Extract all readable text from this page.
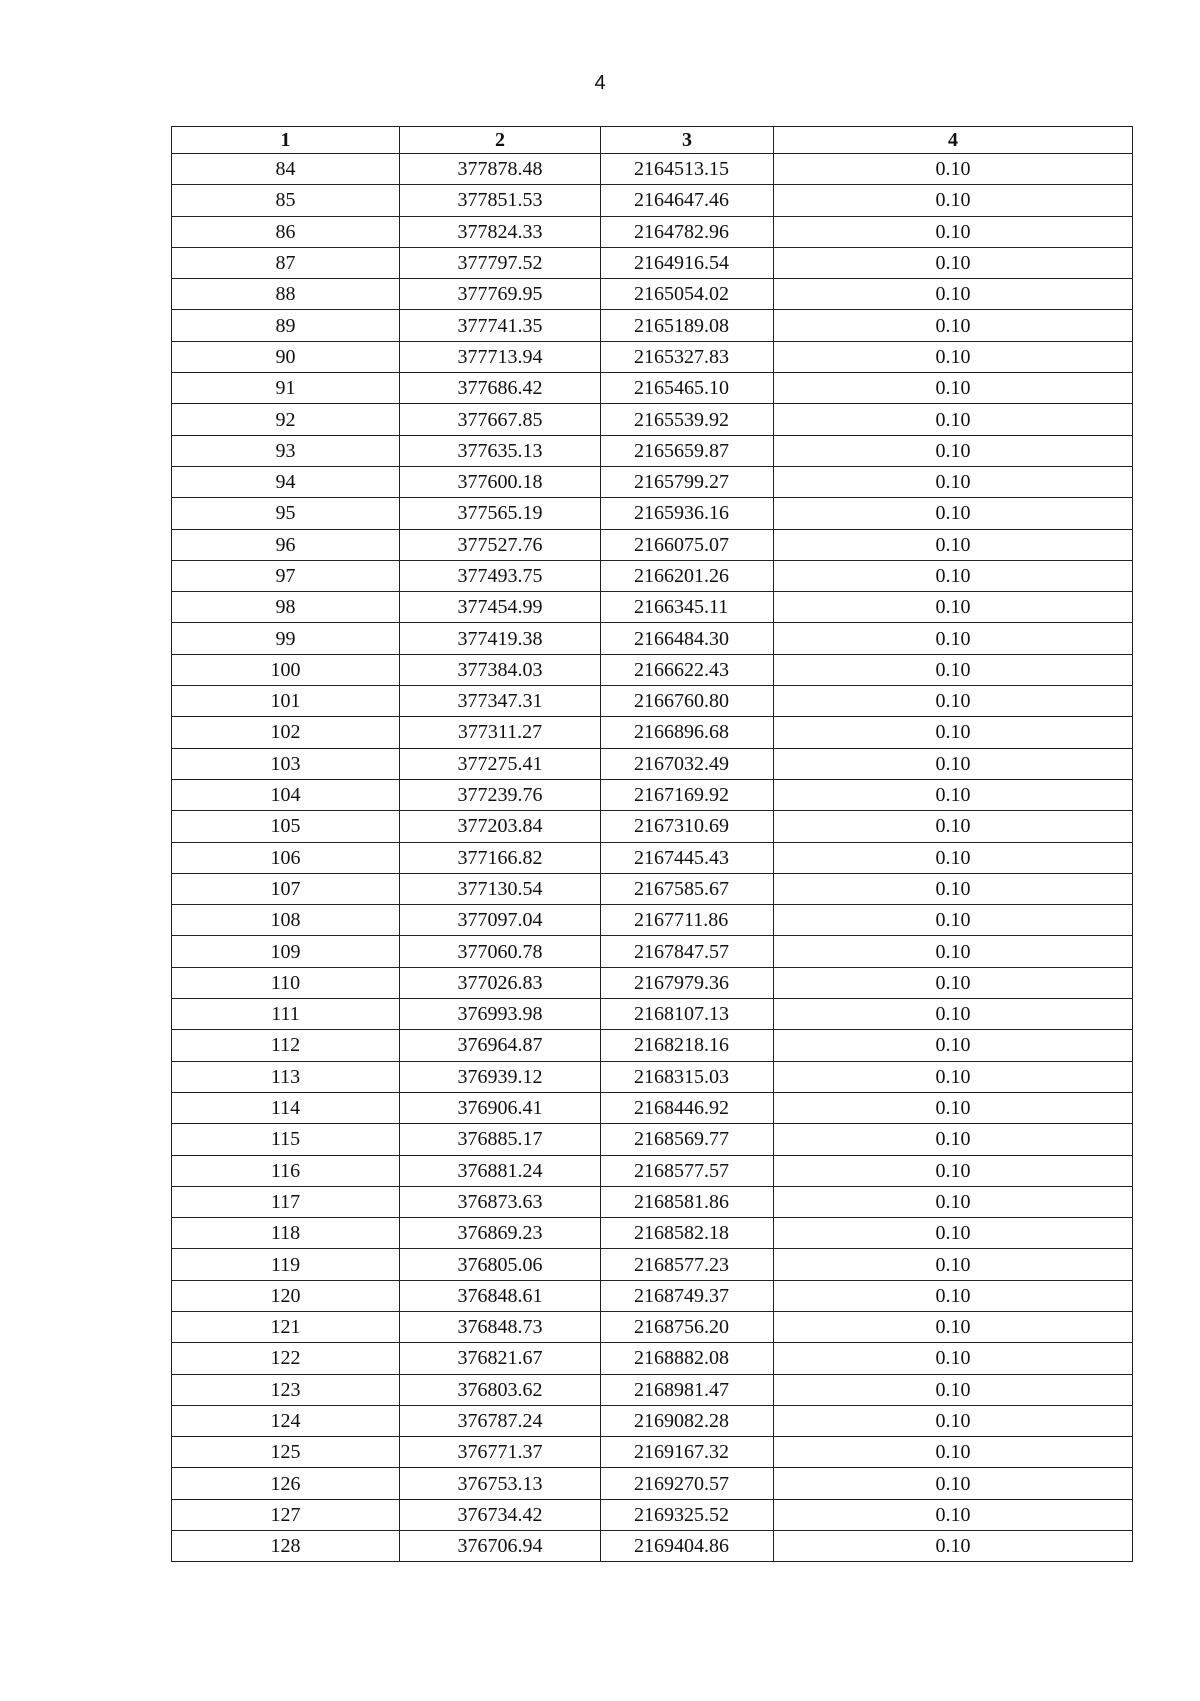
4
1	2	3	4
84	377878.48	2164513.15	0.10
85	377851.53	2164647.46	0.10
86	377824.33	2164782.96	0.10
87	377797.52	2164916.54	0.10
88	377769.95	2165054.02	0.10
89	377741.35	2165189.08	0.10
90	377713.94	2165327.83	0.10
91	377686.42	2165465.10	0.10
92	377667.85	2165539.92	0.10
93	377635.13	2165659.87	0.10
94	377600.18	2165799.27	0.10
95	377565.19	2165936.16	0.10
96	377527.76	2166075.07	0.10
97	377493.75	2166201.26	0.10
98	377454.99	2166345.11	0.10
99	377419.38	2166484.30	0.10
100	377384.03	2166622.43	0.10
101	377347.31	2166760.80	0.10
102	377311.27	2166896.68	0.10
103	377275.41	2167032.49	0.10
104	377239.76	2167169.92	0.10
105	377203.84	2167310.69	0.10
106	377166.82	2167445.43	0.10
107	377130.54	2167585.67	0.10
108	377097.04	2167711.86	0.10
109	377060.78	2167847.57	0.10
110	377026.83	2167979.36	0.10
111	376993.98	2168107.13	0.10
112	376964.87	2168218.16	0.10
113	376939.12	2168315.03	0.10
114	376906.41	2168446.92	0.10
115	376885.17	2168569.77	0.10
116	376881.24	2168577.57	0.10
117	376873.63	2168581.86	0.10
118	376869.23	2168582.18	0.10
119	376805.06	2168577.23	0.10
120	376848.61	2168749.37	0.10
121	376848.73	2168756.20	0.10
122	376821.67	2168882.08	0.10
123	376803.62	2168981.47	0.10
124	376787.24	2169082.28	0.10
125	376771.37	2169167.32	0.10
126	376753.13	2169270.57	0.10
127	376734.42	2169325.52	0.10
128	376706.94	2169404.86	0.10
